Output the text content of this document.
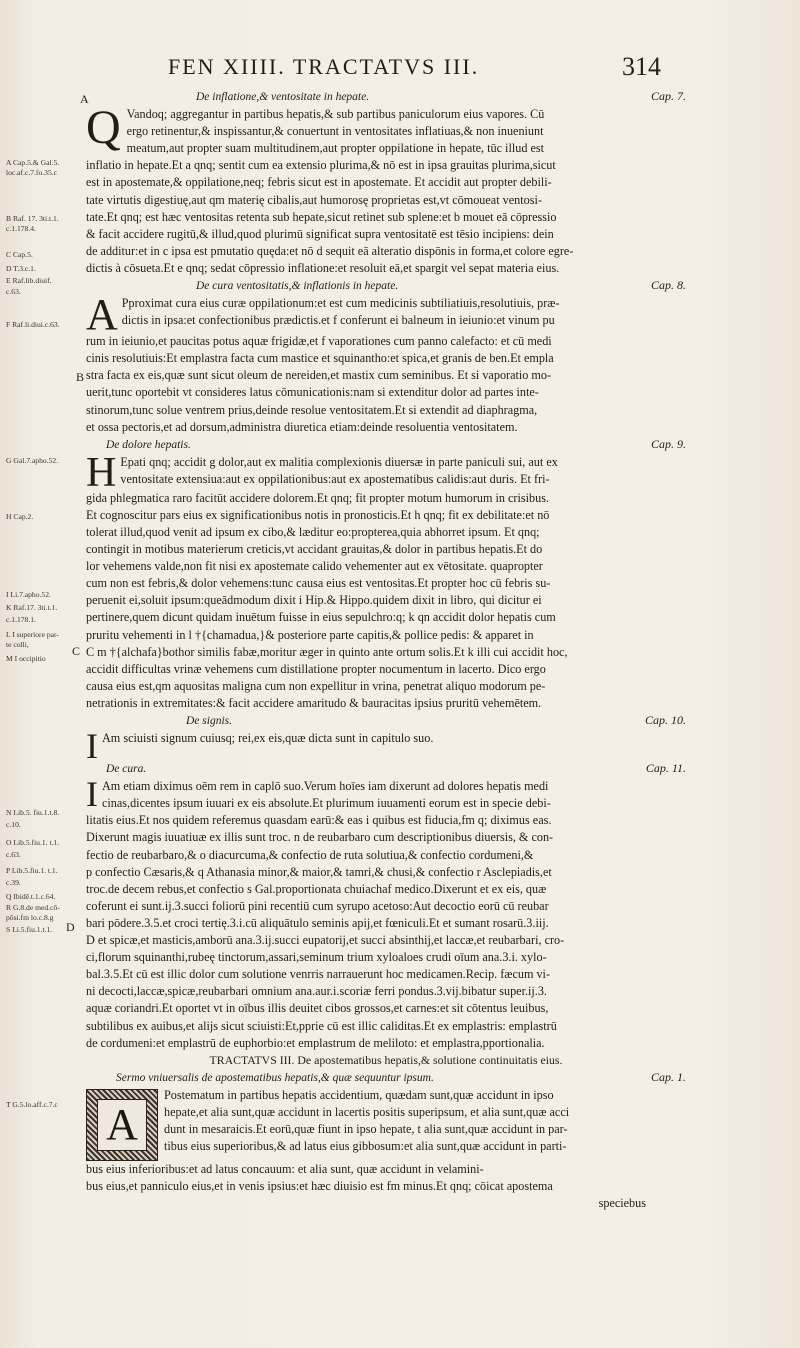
FEN XIIII. TRACTATVS III.	314
A
B
C
D
A Cap.5.& Gal.5.
loc.af.c.7.fo.35.c
B Raf. 17. 3ti.t.1.
c.1.178.4.
C Cap.5.
D T.3.c.1.
E Raf.lib.diuif.
c.63.
F Raf.li.diui.c.63.
G Gal.7.apho.52.
H Cap.2.
I Li.7.apho.52.
K Raf.17. 3ti.t.1.
c.1.178.1.
L I superiore par-
te colli,
M I occipitio
N Lib.5. fiu.1.t.8.
c.10.
O Lib.5.fiu.1. t.1.
c.63.
P Lib.5.fiu.1. t.1.
c.39.
Q Ibidē.t.1.c.64.
R G.8.de med.cō-
pōsi.fm lo.c.8.g
S Li.5.fiu.1.t.1.
T G.5.lo.aff.c.7.c

De inflatione,& ventositate in hepate.	Cap. 7.

Q Vandoq; aggregantur in partibus hepatis,& sub partibus paniculorum eius vapores. Cū

ergo retinentur,& inspissantur,& conuertunt in ventositates inflatiuas,& non inueniunt

meatum,aut propter suam multitudinem,aut propter oppilatione in hepate, tūc illud est

inflatio in hepate.Et a qnq; sentit cum ea extensio plurima,& nō est in ipsa grauitas plurima,sicut

est in apostemate,& oppilatione,neq; febris sicut est in apostemate. Et accidit aut propter debili-

tate virtutis digestiuę,aut qm materię cibalis,aut humorosę proprietas est,vt cōmoueat ventosi-

tate.Et qnq; est hæc ventositas retenta sub hepate,sicut retinet sub splene:et b mouet eā cōpressio

& facit accidere rugitū,& illud,quod plurimū significat supra ventositatē est tēsio incipiens: dein

de additur:et in c ipsa est pmutatio quęda:et nō d sequit eā alteratio dispōnis in forma,et colore egre-

dictis à cōsueta.Et e qnq; sedat cōpressio inflatione:et resoluit eā,et spargit vel sepat materia eius.

De cura ventositatis,& inflationis in hepate.	Cap. 8.

A Pproximat cura eius curæ oppilationum:et est cum medicinis subtiliatiuis,resolutiuis, præ-

dictis in ipsa:et confectionibus prædictis.et f conferunt ei balneum in ieiunio:et vinum pu

rum in ieiunio,et paucitas potus aquæ frigidæ,et f vaporationes cum panno calefacto: et cū medi

cinis resolutiuis:Et emplastra facta cum mastice et squinantho:et spica,et granis de ben.Et empla

stra facta ex eis,quæ sunt sicut oleum de nereiden,et mastix cum seminibus. Et si vaporatio mo-

uerit,tunc oportebit vt consideres latus cōmunicationis:nam si extenditur dolor ad partes inte-

stinorum,tunc solue ventrem prius,deinde resolue ventositatem.Et si extendit ad diaphragma,

et ossa pectoris,et ad dorsum,administra diuretica etiam:deinde resoluentia ventositatem.

De dolore hepatis.	Cap. 9.

H Epati qnq; accidit g dolor,aut ex malitia complexionis diuersæ in parte paniculi sui, aut ex

ventositate extensiua:aut ex oppilationibus:aut ex apostematibus calidis:aut duris. Et fri-

gida phlegmatica raro facitūt accidere dolorem.Et qnq; fit propter motum humorum in crisibus.

Et cognoscitur pars eius ex significationibus notis in pronosticis.Et h qnq; fit ex debilitate:et nō

tolerat illud,quod venit ad ipsum ex cibo,& læditur eo:propterea,quia abhorret ipsum. Et qnq;

contingit in motibus materierum creticis,vt accidant grauitas,& dolor in partibus hepatis.Et do

lor vehemens valde,non fit nisi ex apostemate calido vehementer aut ex vētositate. quapropter

cum non est febris,& dolor vehemens:tunc causa eius est ventositas.Et propter hoc cū febris su-

peruenit ei,soluit ipsum:queādmodum dixit i Hip.& Hippo.quidem dixit in libro, qui dicitur ei

pertinere,quem dicunt quidam inuētum fuisse in eius sepulchro:q; k qn accidit dolor hepatis cum

pruritu vehementi in l †{chamadua,}& posteriore parte capitis,& pollice pedis: & apparet in

C m †{alchafa}bothor similis fabæ,moritur æger in quinto ante ortum solis.Et k illi cui accidit hoc,

accidit difficultas vrinæ vehemens cum distillatione propter nocumentum in lacerto. Dico ergo

causa eius est,qm aquositas maligna cum non expellitur in vrina, penetrat aliquo modorum pe-

netrationis in extremitates:& facit accidere amaritudo & bauracitas ipsius pruritū vehemētem.

De signis.	Cap. 10.

I Am sciuisti signum cuiusq; rei,ex eis,quæ dicta sunt in capitulo suo.

De cura.	Cap. 11.

I Am etiam diximus oēm rem in caplō suo.Verum hoīes iam dixerunt ad dolores hepatis medi

cinas,dicentes ipsum iuuari ex eis absolute.Et plurimum iuuamenti eorum est in specie debi-

litatis eius.Et nos quidem referemus quasdam earū:& eas i quibus est fiducia,fm q; diximus eas.

Dixerunt magis iuuatiuæ ex illis sunt troc. n de reubarbaro cum descriptionibus diuersis, & con-

fectio de reubarbaro,& o diacurcuma,& confectio de ruta solutiua,& confectio cordumeni,&

p confectio Cæsaris,& q Athanasia minor,& maior,& tamri,& chusi,& confectio r Asclepiadis,et

troc.de decem rebus,et confectio s Gal.proportionata chuiachaf medico.Dixerunt et ex eis, quæ

coferunt ei sunt.ij.3.succi foliorū pini recentiū cum syrupo acetoso:Aut decoctio eorū cū reubar

bari pōdere.3.5.et croci tertię.3.i.cū aliquātulo seminis apij,et fœniculi.Et et sumant rosarū.3.iij.

D et spicæ,et masticis,amborū ana.3.ij.succi eupatorij,et succi absinthij,et laccæ,et reubarbari, cro-

ci,florum squinanthi,rubeę tinctorum,assari,seminum trium xyloaloes crudi oīum ana.3.i. xylo-

bal.3.5.Et cū est illic dolor cum solutione venrris narrauerunt hoc medicamen.Recip. fæcum vi-

ni decocti,laccæ,spicæ,reubarbari omnium ana.aur.i.scoriæ ferri pondus.3.vij.bibatur super.ij.3.

aquæ coriandri.Et oportet vt in oībus illis deuitet cibos grossos,et carnes:et sit cōtentus leuibus,

subtilibus ex auibus,et alijs sicut sciuisti:Et,pprie cū est illic caliditas.Et ex emplastris: emplastrū

de cordumeni:et emplastrū de euphorbio:et emplastrum de meliloto: et emplastra,pportionalia.

TRACTATVS III. De apostematibus hepatis,& solutione continuitatis eius.

Sermo vniuersalis de apostematibus hepatis,& quæ sequuntur ipsum.	Cap. 1.

A

Postematum in partibus hepatis accidentium, quædam sunt,quæ accidunt in ipso

hepate,et alia sunt,quæ accidunt in lacertis positis superipsum, et alia sunt,quæ acci

dunt in mesaraicis.Et eorū,quæ fiunt in ipso hepate, t alia sunt,quæ accidunt in par-

tibus eius superioribus,& ad latus eius gibbosum:et alia sunt,quæ accidunt in parti-

bus eius inferioribus:et ad latus concauum: et alia sunt, quæ accidunt in velamini-

bus eius,et panniculo eius,et in venis ipsius:et hæc diuisio est fm minus.Et qnq; cōicat apostema

speciebus
